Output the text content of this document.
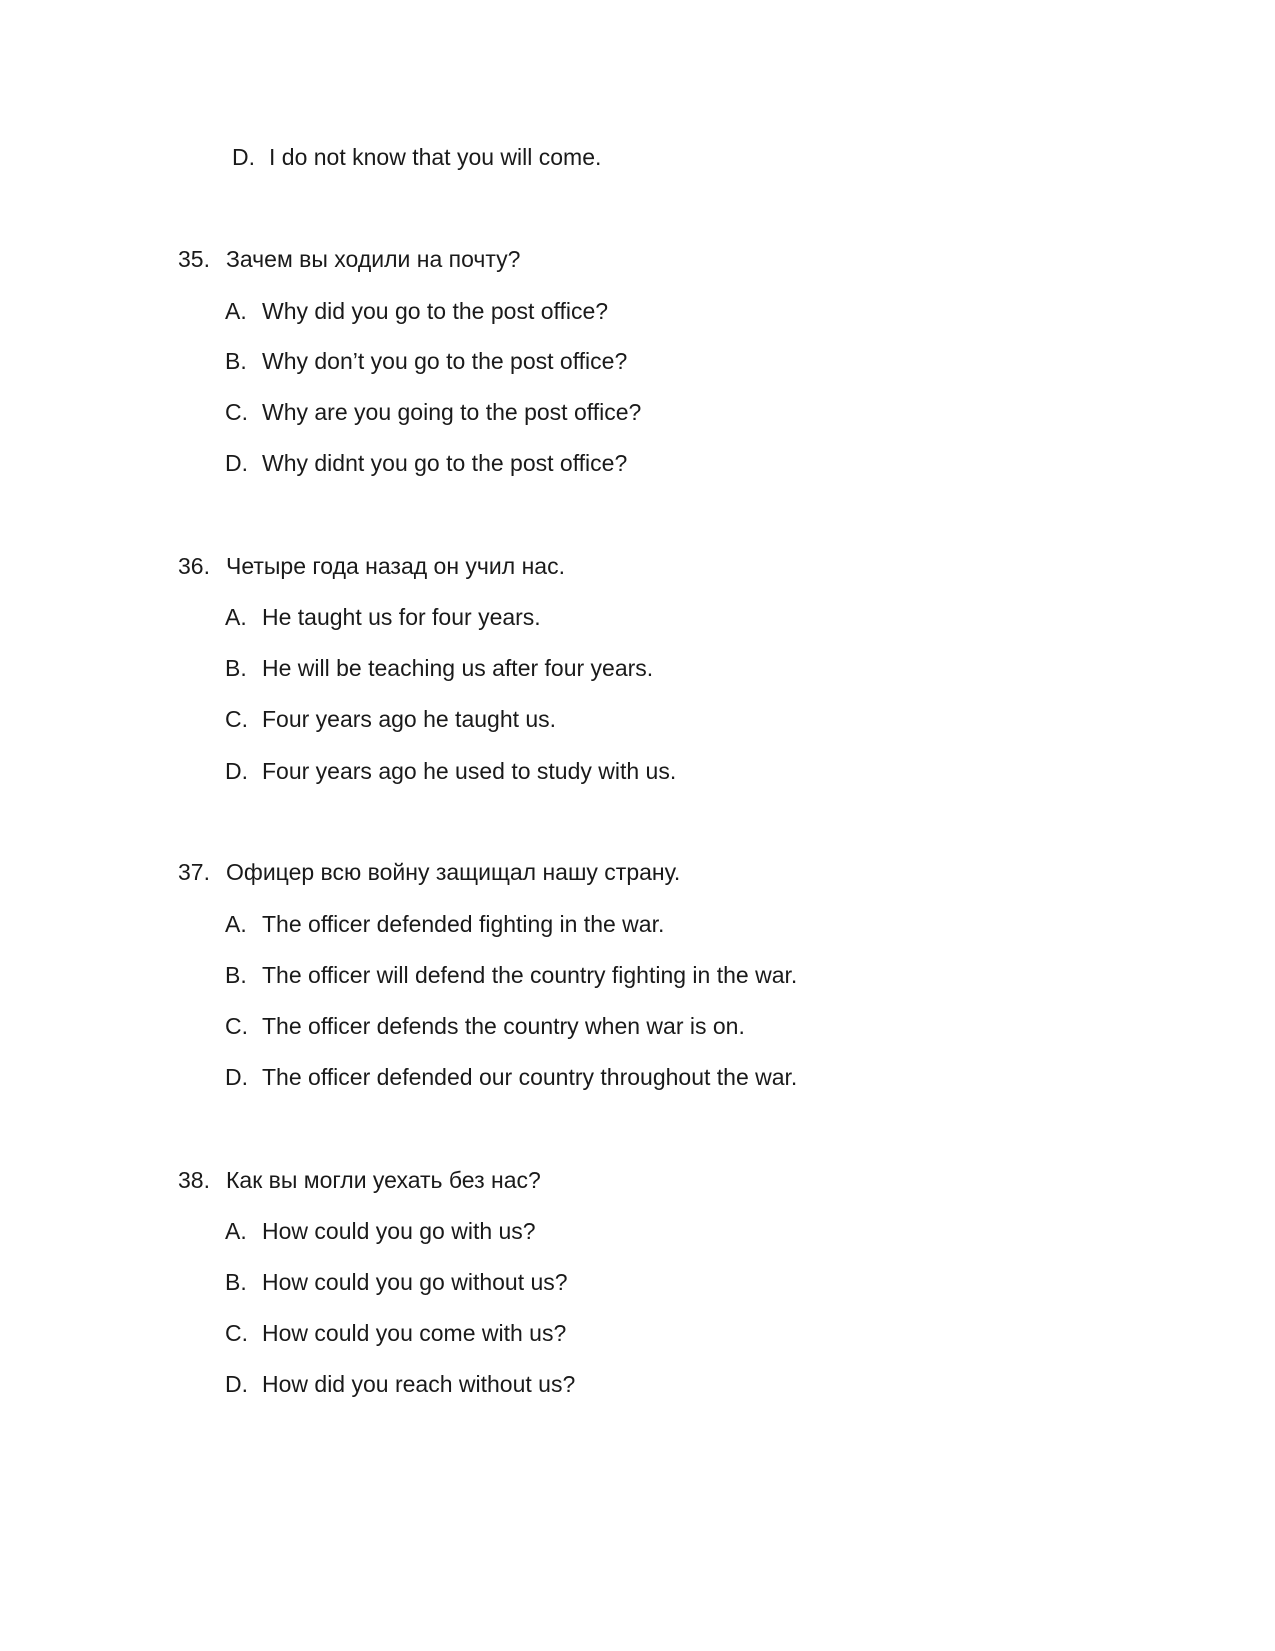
D. I do not know that you will come.
35. Зачем вы ходили на почту?
A. Why did you go to the post office?
B. Why don’t you go to the post office?
C. Why are you going to the post office?
D. Why didnt you go to the post office?
36. Четыре года назад он учил нас.
A. He taught us for four years.
B. He will be teaching us after four years.
C. Four years ago he taught us.
D. Four years ago he used to study with us.
37. Офицер всю войну защищал нашу страну.
A. The officer defended fighting in the war.
B. The officer will defend the country fighting in the war.
C. The officer defends the country when war is on.
D. The officer defended our country throughout the war.
38. Как вы могли уехать без нас?
A. How could you go with us?
B. How could you go without us?
C. How could you come with us?
D. How did you reach without us?
